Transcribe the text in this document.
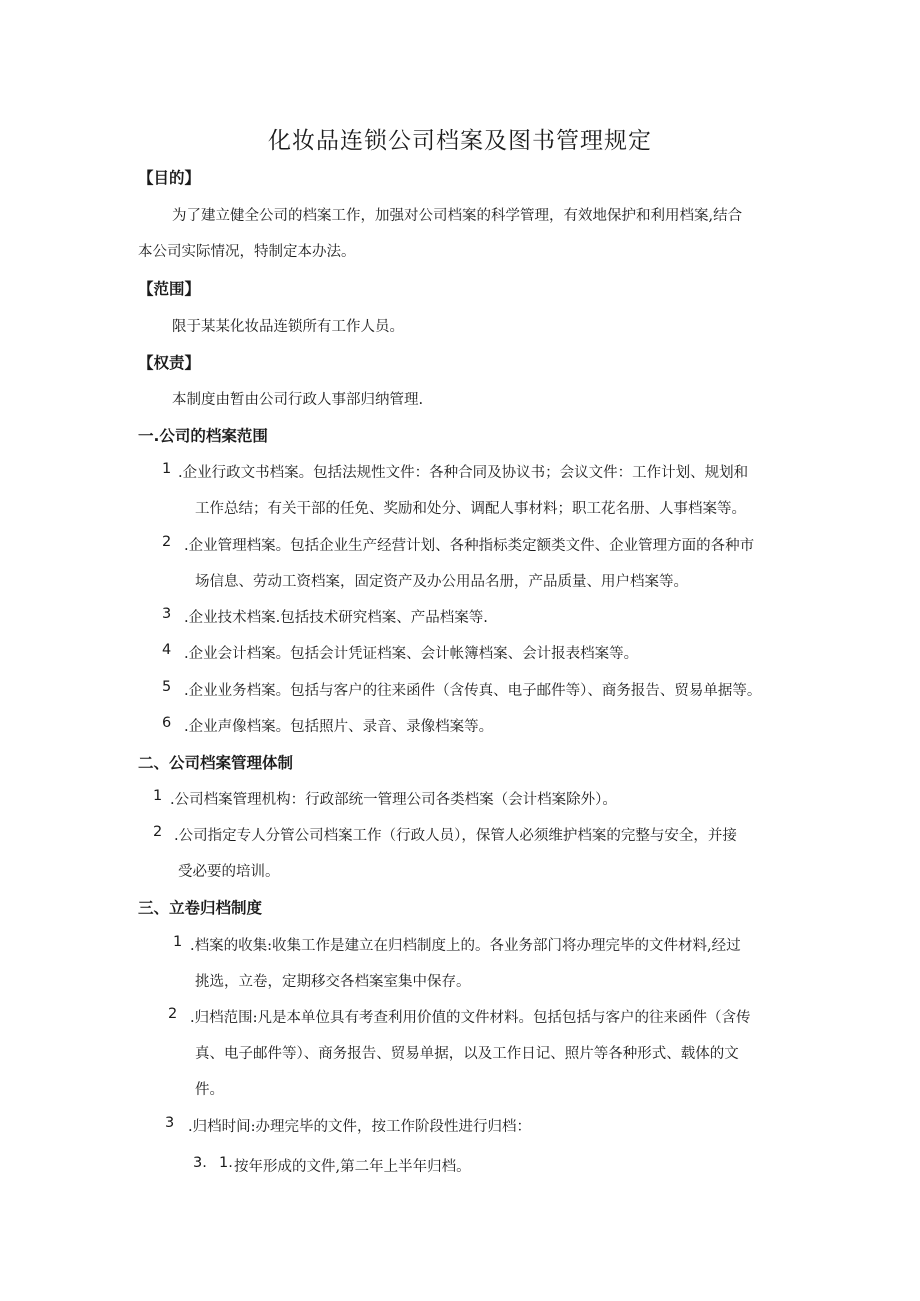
化妆品连锁公司档案及图书管理规定
【目的】
为了建立健全公司的档案工作，加强对公司档案的科学管理，有效地保护和利用档案,结合
本公司实际情况，特制定本办法。
【范围】
限于某某化妆品连锁所有工作人员。
【权责】
本制度由暂由公司行政人事部归纳管理.
一.公司的档案范围
1 .企业行政文书档案。包括法规性文件：各种合同及协议书；会议文件：工作计划、规划和
工作总结；有关干部的任免、奖励和处分、调配人事材料；职工花名册、人事档案等。
2 .企业管理档案。包括企业生产经营计划、各种指标类定额类文件、企业管理方面的各种市
场信息、劳动工资档案，固定资产及办公用品名册，产品质量、用户档案等。
3 .企业技术档案.包括技术研究档案、产品档案等.
4 .企业会计档案。包括会计凭证档案、会计帐簿档案、会计报表档案等。
5 .企业业务档案。包括与客户的往来函件（含传真、电子邮件等）、商务报告、贸易单据等。
6 .企业声像档案。包括照片、录音、录像档案等。
二、公司档案管理体制
1 .公司档案管理机构：行政部统一管理公司各类档案（会计档案除外）。
2 .公司指定专人分管公司档案工作（行政人员），保管人必须维护档案的完整与安全，并接
受必要的培训。
三、立卷归档制度
1 .档案的收集:收集工作是建立在归档制度上的。各业务部门将办理完毕的文件材料,经过
挑选，立卷，定期移交各档案室集中保存。
2 .归档范围:凡是本单位具有考查利用价值的文件材料。包括包括与客户的往来函件（含传
真、电子邮件等）、商务报告、贸易单据，以及工作日记、照片等各种形式、载体的文
件。
3 .归档时间:办理完毕的文件，按工作阶段性进行归档：
3. 1. 按年形成的文件,第二年上半年归档。
